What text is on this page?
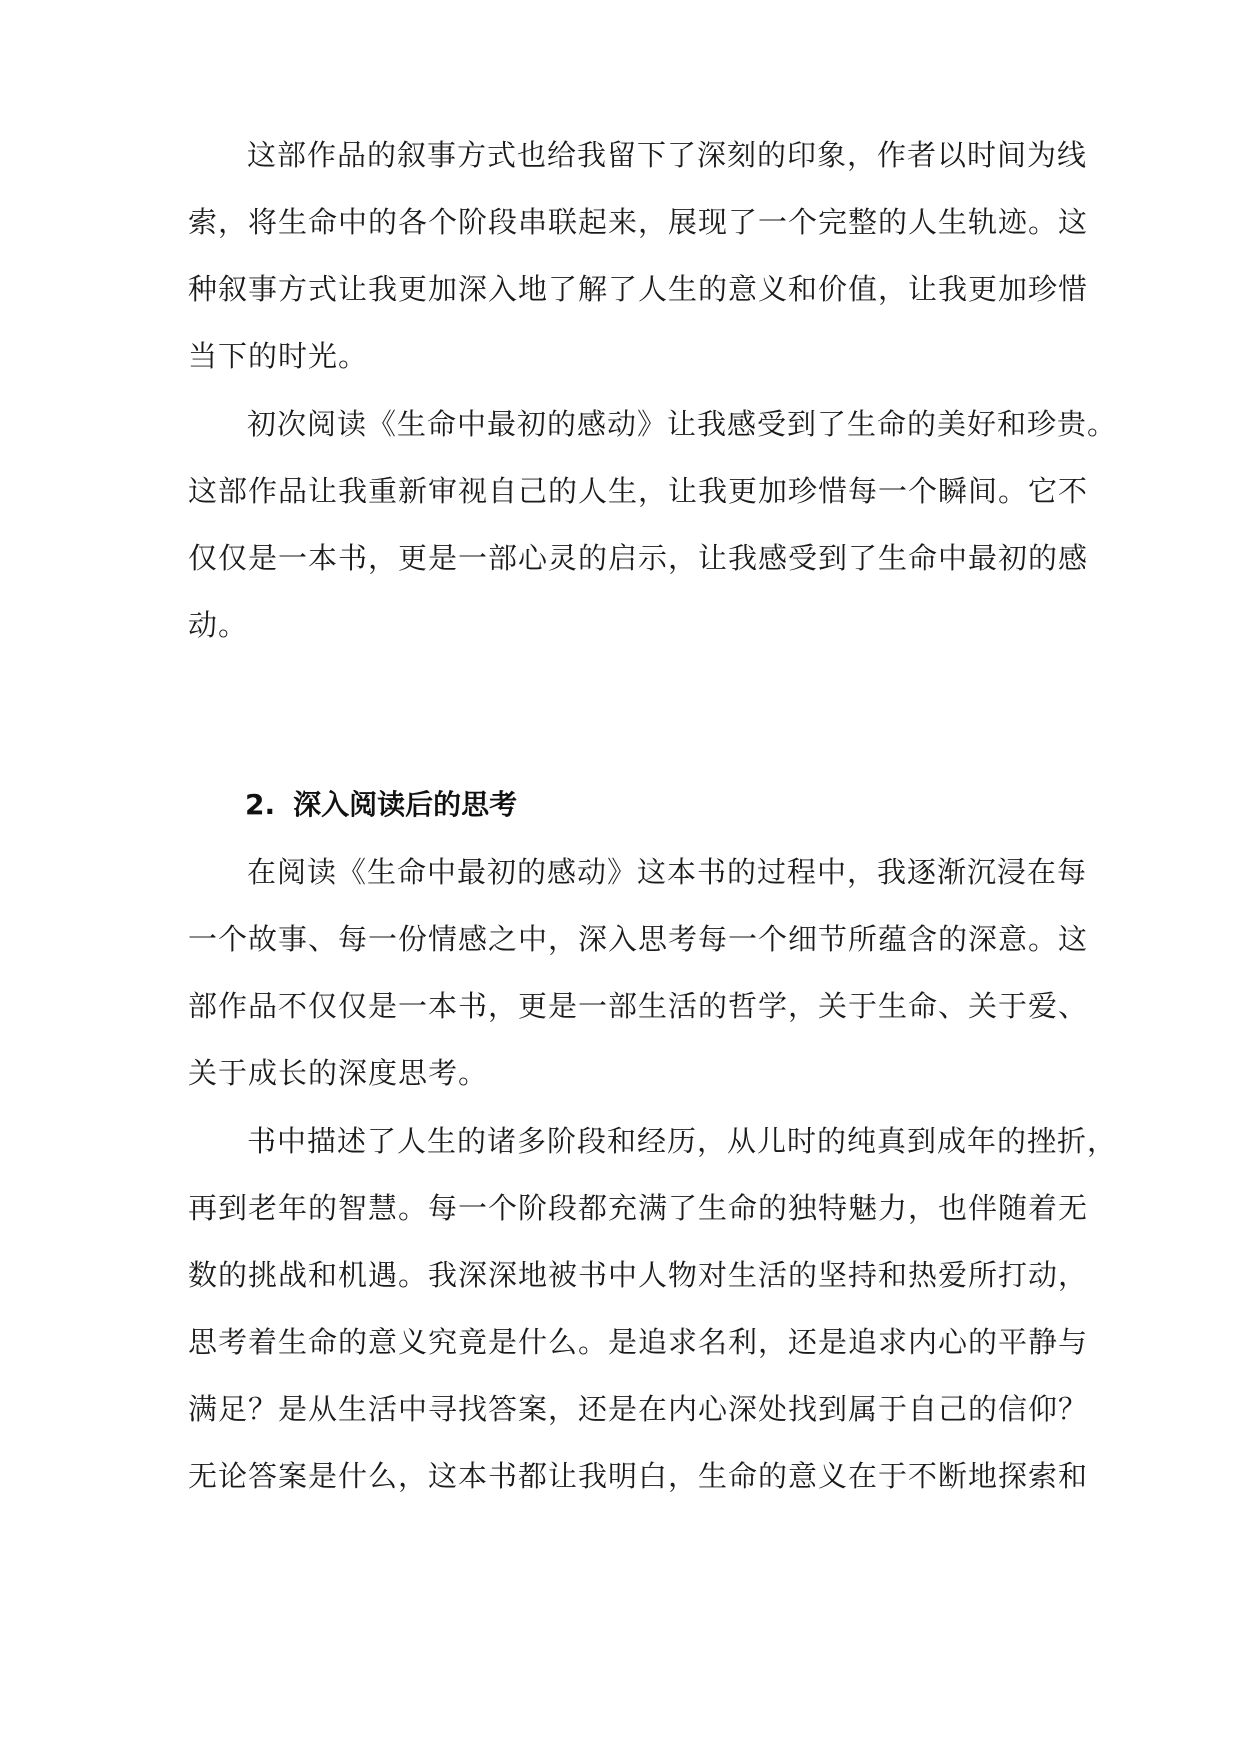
这部作品的叙事方式也给我留下了深刻的印象，作者以时间为线
索，将生命中的各个阶段串联起来，展现了一个完整的人生轨迹。这
种叙事方式让我更加深入地了解了人生的意义和价值，让我更加珍惜
当下的时光。
初次阅读《生命中最初的感动》让我感受到了生命的美好和珍贵。
这部作品让我重新审视自己的人生，让我更加珍惜每一个瞬间。它不
仅仅是一本书，更是一部心灵的启示，让我感受到了生命中最初的感
动。
2. 深入阅读后的思考
在阅读《生命中最初的感动》这本书的过程中，我逐渐沉浸在每
一个故事、每一份情感之中，深入思考每一个细节所蕴含的深意。这
部作品不仅仅是一本书，更是一部生活的哲学，关于生命、关于爱、
关于成长的深度思考。
书中描述了人生的诸多阶段和经历，从儿时的纯真到成年的挫折，
再到老年的智慧。每一个阶段都充满了生命的独特魅力，也伴随着无
数的挑战和机遇。我深深地被书中人物对生活的坚持和热爱所打动，
思考着生命的意义究竟是什么。是追求名利，还是追求内心的平静与
满足？是从生活中寻找答案，还是在内心深处找到属于自己的信仰？
无论答案是什么，这本书都让我明白，生命的意义在于不断地探索和
